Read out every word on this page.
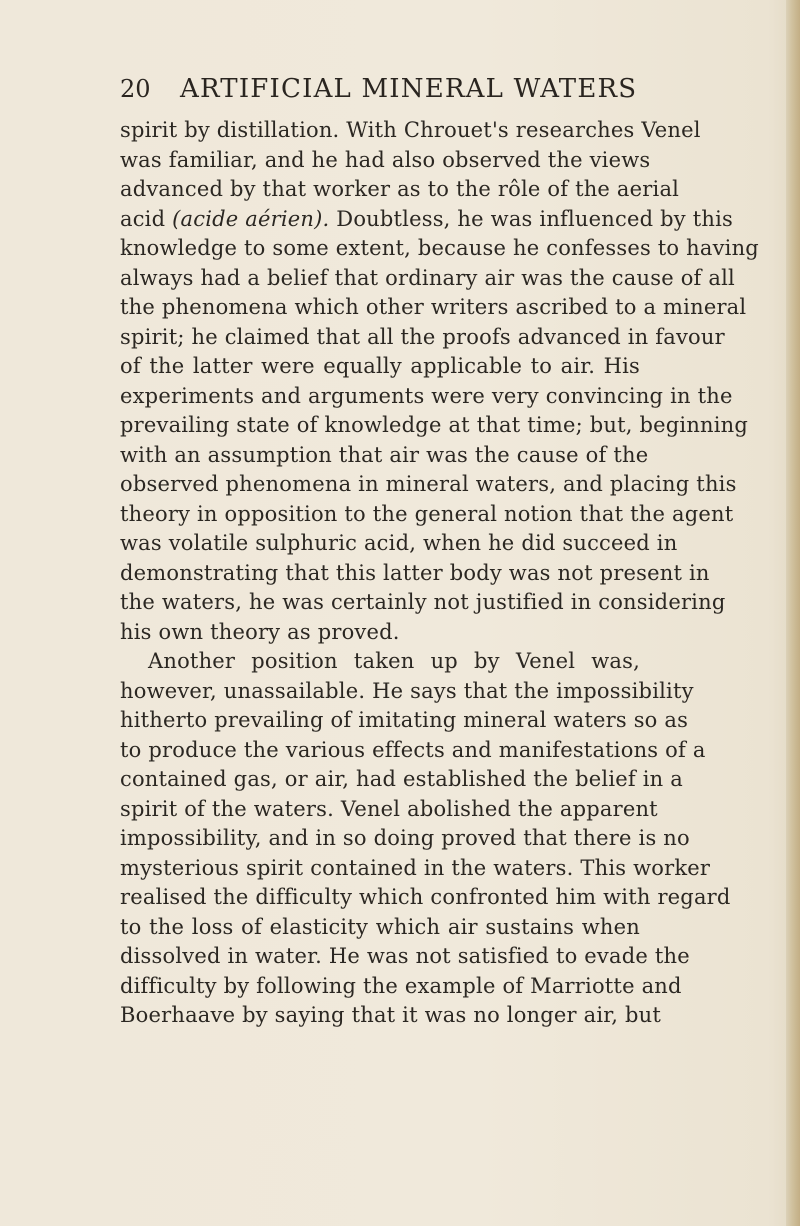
20	ARTIFICIAL MINERAL WATERS
spirit by distillation. With Chrouet's researches Venel
was familiar, and he had also observed the views
advanced by that worker as to the rôle of the aerial
acid (acide aérien). Doubtless, he was influenced by this
knowledge to some extent, because he confesses to having
always had a belief that ordinary air was the cause of all
the phenomena which other writers ascribed to a mineral
spirit; he claimed that all the proofs advanced in favour
of the latter were equally applicable to air. His
experiments and arguments were very convincing in the
prevailing state of knowledge at that time; but, beginning
with an assumption that air was the cause of the
observed phenomena in mineral waters, and placing this
theory in opposition to the general notion that the agent
was volatile sulphuric acid, when he did succeed in
demonstrating that this latter body was not present in
the waters, he was certainly not justified in considering
his own theory as proved.
Another position taken up by Venel was,
however, unassailable. He says that the impossibility
hitherto prevailing of imitating mineral waters so as
to produce the various effects and manifestations of a
contained gas, or air, had established the belief in a
spirit of the waters. Venel abolished the apparent
impossibility, and in so doing proved that there is no
mysterious spirit contained in the waters. This worker
realised the difficulty which confronted him with regard
to the loss of elasticity which air sustains when
dissolved in water. He was not satisfied to evade the
difficulty by following the example of Marriotte and
Boerhaave by saying that it was no longer air, but
